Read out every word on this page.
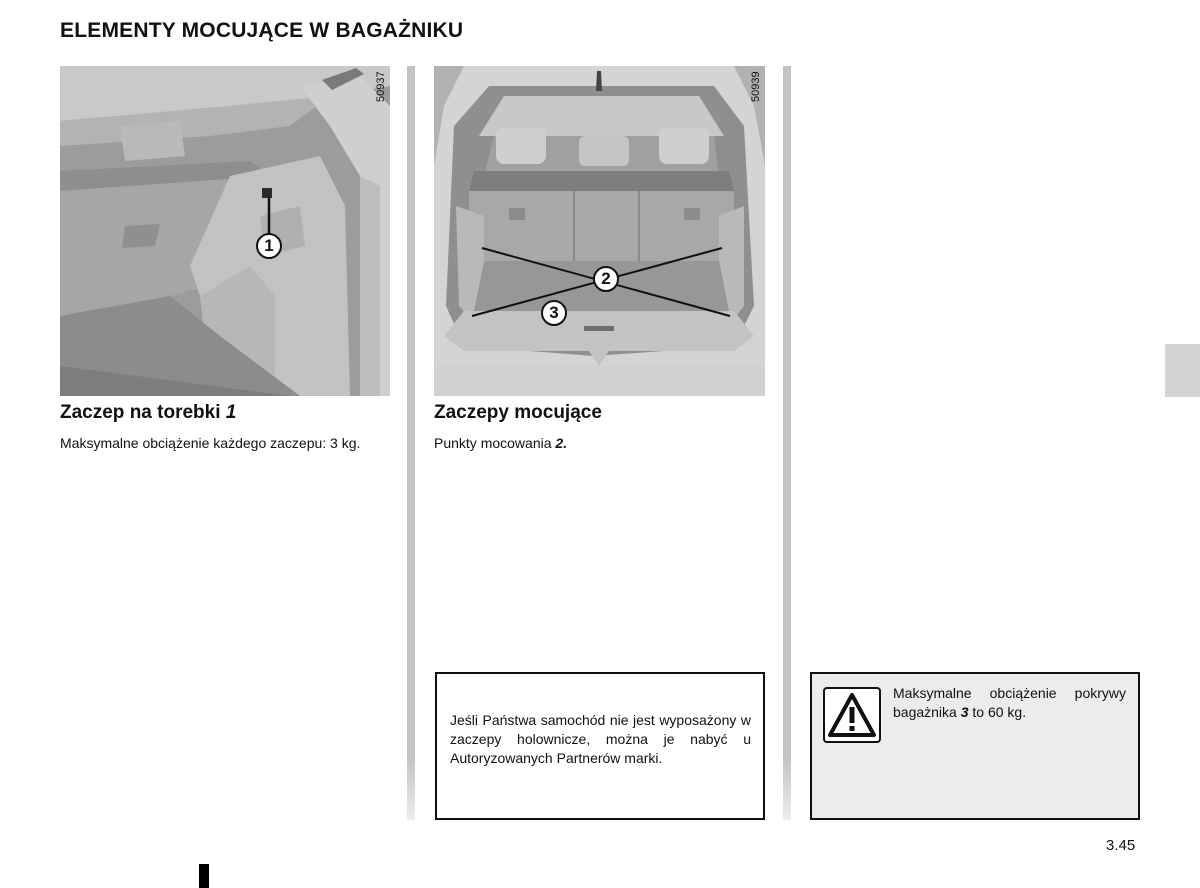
ELEMENTY MOCUJĄCE W BAGAŻNIKU
50937
1
Zaczep na torebki 1
Maksymalne obciążenie każdego zaczepu: 3 kg.
50939
2
3
Zaczepy mocujące
Punkty mocowania 2.
Jeśli Państwa samochód nie jest wyposażony w zaczepy holownicze, można je nabyć u Autoryzowanych Partnerów marki.
Maksymalne obciążenie pokrywy bagażnika 3 to 60 kg.
3.45
